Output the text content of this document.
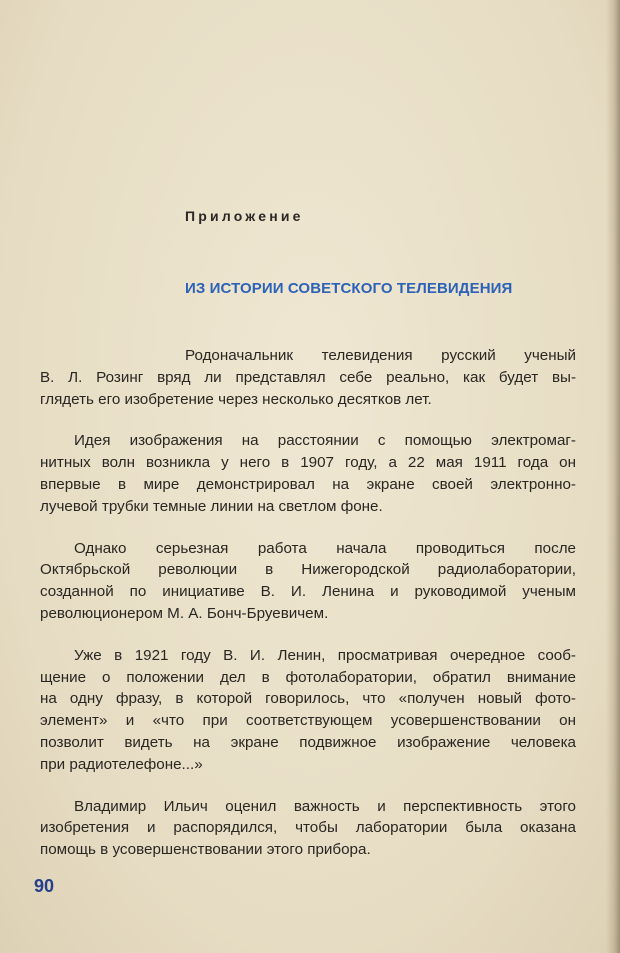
Приложение
ИЗ ИСТОРИИ СОВЕТСКОГО ТЕЛЕВИДЕНИЯ

Родоначальник телевидения русский ученый
В. Л. Розинг вряд ли представлял себе реально, как будет вы-
глядеть его изобретение через несколько десятков лет.

Идея изображения на расстоянии с помощью электромаг-
нитных волн возникла у него в 1907 году, а 22 мая 1911 года он
впервые в мире демонстрировал на экране своей электронно-
лучевой трубки темные линии на светлом фоне.

Однако серьезная работа начала проводиться после
Октябрьской революции в Нижегородской радиолаборатории,
созданной по инициативе В. И. Ленина и руководимой ученым
революционером М. А. Бонч-Бруевичем.

Уже в 1921 году В. И. Ленин, просматривая очередное сооб-
щение о положении дел в фотолаборатории, обратил внимание
на одну фразу, в которой говорилось, что «получен новый фото-
элемент» и «что при соответствующем усовершенствовании он
позволит видеть на экране подвижное изображение человека
при радиотелефоне...»

Владимир Ильич оценил важность и перспективность этого
изобретения и распорядился, чтобы лаборатории была оказана
помощь в усовершенствовании этого прибора.

90
